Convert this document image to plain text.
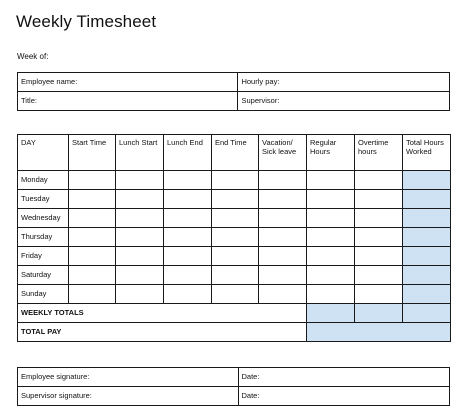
Weekly Timesheet
Week of:
Employee name:	Hourly pay:
Title:	Supervisor:
DAY	Start Time	Lunch Start	Lunch End	End Time	Vacation/ Sick leave	Regular Hours	Overtime hours	Total Hours Worked
Monday								
Tuesday								
Wednesday								
Thursday								
Friday								
Saturday								
Sunday								
WEEKLY TOTALS								
TOTAL PAY								
Employee signature:	Date:
Supervisor signature:	Date:
